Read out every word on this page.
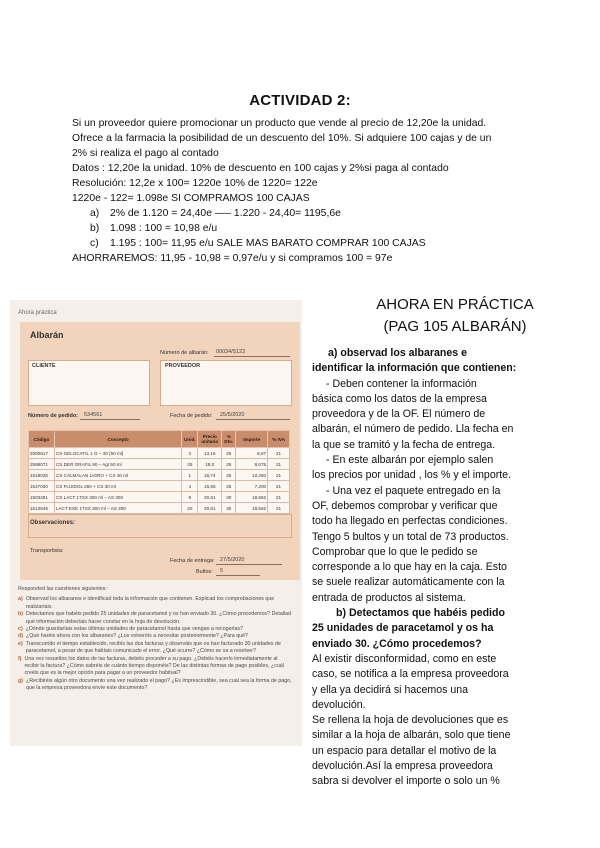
ACTIVIDAD 2:
Si un proveedor quiere promocionar un producto que vende al precio de 12,20e la unidad.
Ofrece a la farmacia la posibilidad de un descuento del 10%. Si adquiere 100 cajas y de un
2% si realiza el pago al contado
Datos : 12,20e la unidad. 10% de descuento en 100 cajas y 2%si paga al contado
Resolución: 12,2e x 100= 1220e 10% de 1220= 122e
1220e - 122= 1.098e SI COMPRAMOS 100 CAJAS
a) 2% de 1.120 = 24,40e —– 1.220 - 24,40= 1195,6e
b) 1.098 : 100 = 10,98 e/u
c) 1.195 : 100= 11,95 e/u SALE MAS BARATO COMPRAR 100 CAJAS
AHORRAREMOS: 11,95 - 10,98 = 0,97e/u y si compramos 100 = 97e
Ahora práctica
Albarán
Número de albarán: 00034/5123
CLIENTE	PROVEEDOR
Número de pedido: 534561	Fecha de pedido: 25/5/2020
Código	Concepto	Unid.	Precio unitario	% Dto.	Importe	% IVA
2000617	CS GELOCATIL 1 G – 40 (50 ml)	3	13,16	25	8,67	21
2598071	CS DER GRAFIL 90 – Agt 50 ml	25	18,0	25	8,675	21
1518025	CS CALMALAN LIGRO + CS 30 ml	1	15,74	25	10,250	21
1547030	CS FLUIDOL 250 + CS 30 ml	4	15,55	25	7,200	21
1503281	CS LACT 1TSX 300 ml – AS 300	9	30,61	30	18,562	21
1613546	LACT EXE 1TSX 300 ml – AS 300	20	30,61	30	18,562	21
Observaciones:
Transportista:
Fecha de entrega: 27/5/2020
Bultos: 5
Responded las cuestiones siguientes:
a) Observad los albaranes e identificad toda la información que contienen. Explicad los comprobaciones que realizaríais.
b) Detectamos que habéis pedido 25 unidades de paracetamol y os han enviado 30. ¿Cómo procedemos? Detallad qué información deberíais hacer constar en la hoja de devolución.
c) ¿Dónde guardaríais estas últimas unidades de paracetamol hasta que vengan a recogerlas?
d) ¿Qué haréis ahora con los albaranes? ¿Los volveréis a necesitar posteriormente? ¿Para qué?
e) Transcurrido el tiempo establecido, recibís las dos facturas y observáis que os han facturado 30 unidades de paracetamol, a pesar de que habíais comunicado el error. ¿Qué ocurre? ¿Cómo se va a resolver?
f) Una vez resueltos los datos de las facturas, debéis proceder a su pago. ¿Debéis hacerlo inmediatamente al recibir la factura? ¿Cómo sabréis de cuánto tiempo disponéis? De las distintas formas de pago posibles, ¿cuál creéis que es la mejor opción para pagar a un proveedor habitual?
g) ¿Recibiréis algún otro documento una vez realizado el pago? ¿Es imprescindible, sea cual sea la forma de pago, que la empresa proveedora envíe este documento?
AHORA EN PRÁCTICA
(PAG 105 ALBARÁN)
a) observad los albaranes e
identificar la información que contienen:
- Deben contener la información
básica como los datos de la empresa
proveedora y de la OF. El número de
albarán, el número de pedido. Lla fecha en
la que se tramitó y la fecha de entrega.
- En este albarán por ejemplo salen
los precios por unidad , los % y el importe.
- Una vez el paquete entregado en la
OF, debemos comprobar y verificar que
todo ha llegado en perfectas condiciones.
Tengo 5 bultos y un total de 73 productos.
Comprobar que lo que le pedido se
corresponde a lo que hay en la caja. Esto
se suele realizar automáticamente con la
entrada de productos al sistema.
b) Detectamos que habéis pedido
25 unidades de paracetamol y os ha
enviado 30. ¿Cómo procedemos?
Al existir disconformidad, como en este
caso, se notifica a la empresa proveedora
y ella ya decidirá si hacemos una
devolución.
Se rellena la hoja de devoluciones que es
similar a la hoja de albarán, solo que tiene
un espacio para detallar el motivo de la
devolución.Así la empresa proveedora
sabra si devolver el importe o solo un %
